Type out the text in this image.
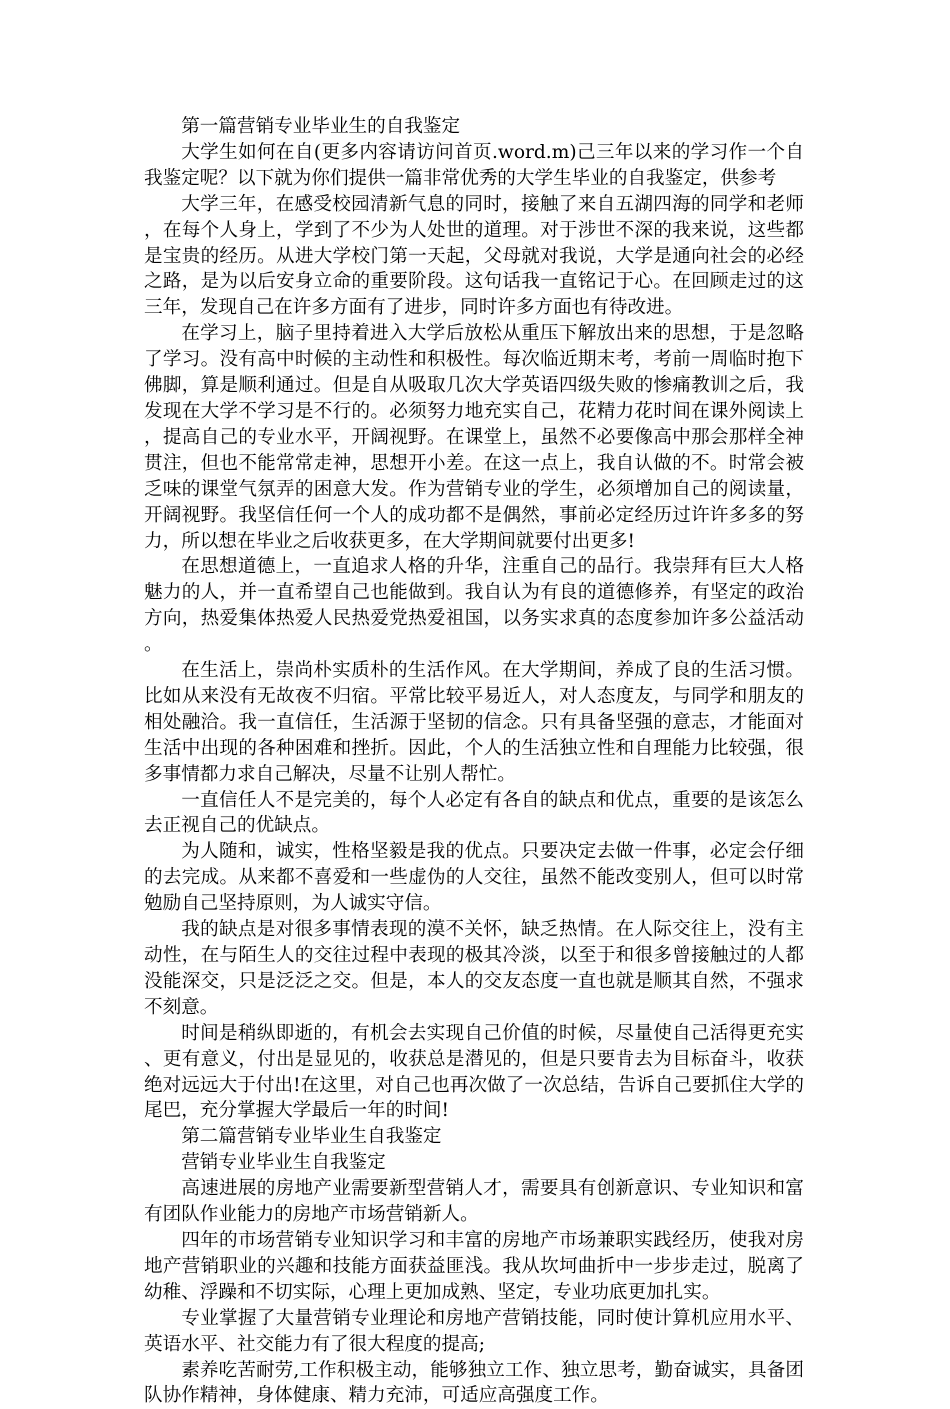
第一篇营销专业毕业生的自我鉴定

大学生如何在自(更多内容请访问首页.word.m)己三年以来的学习作一个自我鉴定呢？以下就为你们提供一篇非常优秀的大学生毕业的自我鉴定，供参考

大学三年，在感受校园清新气息的同时，接触了来自五湖四海的同学和老师，在每个人身上，学到了不少为人处世的道理。对于涉世不深的我来说，这些都是宝贵的经历。从进大学校门第一天起，父母就对我说，大学是通向社会的必经之路，是为以后安身立命的重要阶段。这句话我一直铭记于心。在回顾走过的这三年，发现自己在许多方面有了进步，同时许多方面也有待改进。

在学习上，脑子里持着进入大学后放松从重压下解放出来的思想，于是忽略了学习。没有高中时候的主动性和积极性。每次临近期末考，考前一周临时抱下佛脚，算是顺利通过。但是自从吸取几次大学英语四级失败的惨痛教训之后，我发现在大学不学习是不行的。必须努力地充实自己，花精力花时间在课外阅读上，提高自己的专业水平，开阔视野。在课堂上，虽然不必要像高中那会那样全神贯注，但也不能常常走神，思想开小差。在这一点上，我自认做的不。时常会被乏味的课堂气氛弄的困意大发。作为营销专业的学生，必须增加自己的阅读量，开阔视野。我坚信任何一个人的成功都不是偶然，事前必定经历过许许多多的努力，所以想在毕业之后收获更多，在大学期间就要付出更多!

在思想道德上，一直追求人格的升华，注重自己的品行。我崇拜有巨大人格魅力的人，并一直希望自己也能做到。我自认为有良的道德修养，有坚定的政治方向，热爱集体热爱人民热爱党热爱祖国，以务实求真的态度参加许多公益活动。

在生活上，崇尚朴实质朴的生活作风。在大学期间，养成了良的生活习惯。比如从来没有无故夜不归宿。平常比较平易近人，对人态度友，与同学和朋友的相处融洽。我一直信任，生活源于坚韧的信念。只有具备坚强的意志，才能面对生活中出现的各种困难和挫折。因此，个人的生活独立性和自理能力比较强，很多事情都力求自己解决，尽量不让别人帮忙。

一直信任人不是完美的，每个人必定有各自的缺点和优点，重要的是该怎么去正视自己的优缺点。

为人随和，诚实，性格坚毅是我的优点。只要决定去做一件事，必定会仔细的去完成。从来都不喜爱和一些虚伪的人交往，虽然不能改变别人，但可以时常勉励自己坚持原则，为人诚实守信。

我的缺点是对很多事情表现的漠不关怀，缺乏热情。在人际交往上，没有主动性，在与陌生人的交往过程中表现的极其冷淡，以至于和很多曾接触过的人都没能深交，只是泛泛之交。但是，本人的交友态度一直也就是顺其自然，不强求不刻意。

时间是稍纵即逝的，有机会去实现自己价值的时候，尽量使自己活得更充实、更有意义，付出是显见的，收获总是潜见的，但是只要肯去为目标奋斗，收获绝对远远大于付出!在这里，对自己也再次做了一次总结，告诉自己要抓住大学的尾巴，充分掌握大学最后一年的时间!

第二篇营销专业毕业生自我鉴定

营销专业毕业生自我鉴定

高速进展的房地产业需要新型营销人才，需要具有创新意识、专业知识和富有团队作业能力的房地产市场营销新人。

四年的市场营销专业知识学习和丰富的房地产市场兼职实践经历，使我对房地产营销职业的兴趣和技能方面获益匪浅。我从坎坷曲折中一步步走过，脱离了幼稚、浮躁和不切实际，心理上更加成熟、坚定，专业功底更加扎实。

专业掌握了大量营销专业理论和房地产营销技能，同时使计算机应用水平、英语水平、社交能力有了很大程度的提高;

素养吃苦耐劳,工作积极主动，能够独立工作、独立思考，勤奋诚实，具备团队协作精神，身体健康、精力充沛，可适应高强度工作。
